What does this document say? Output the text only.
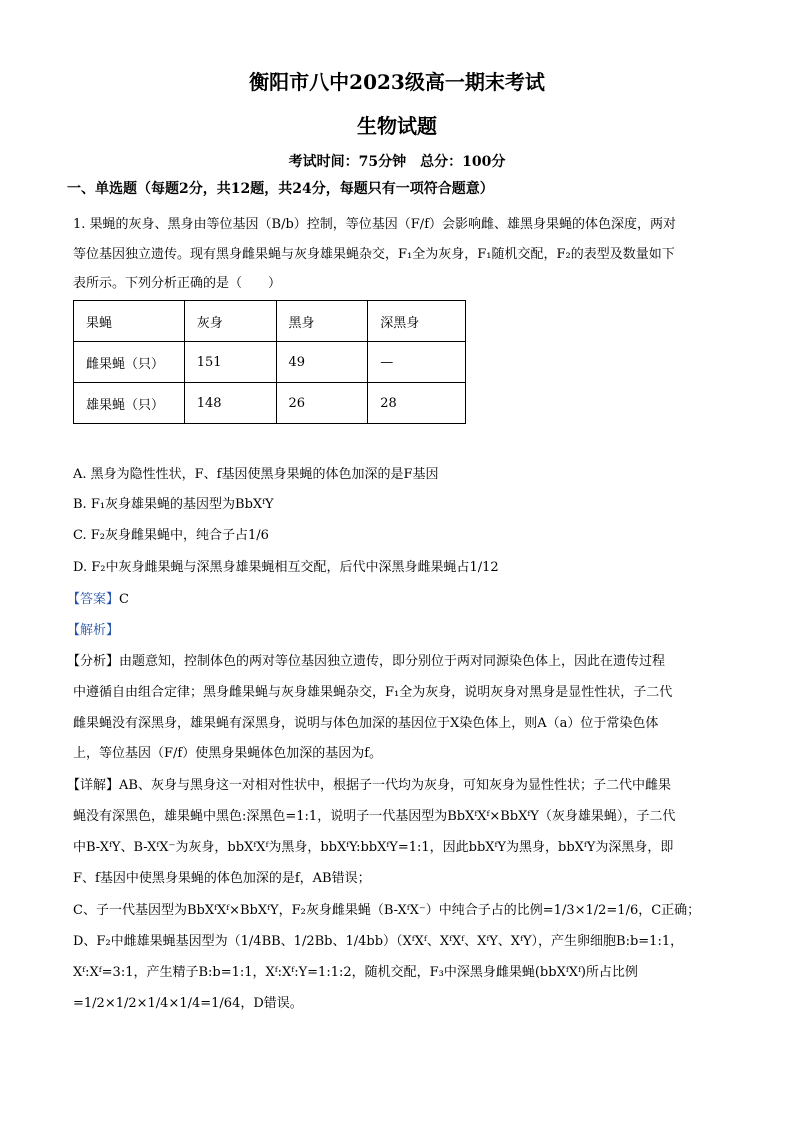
衡阳市八中2023级高一期末考试
生物试题
考试时间：75分钟　总分：100分
一、单选题（每题2分，共12题，共24分，每题只有一项符合题意）
1. 果蝇的灰身、黑身由等位基因（B/b）控制，等位基因（F/f）会影响雌、雄黑身果蝇的体色深度，两对
等位基因独立遗传。现有黑身雌果蝇与灰身雄果蝇杂交，F₁全为灰身，F₁随机交配，F₂的表型及数量如下
表所示。下列分析正确的是（　　）
果蝇	灰身	黑身	深黑身
雌果蝇（只）	151	49	—
雄果蝇（只）	148	26	28
A. 黑身为隐性性状，F、f基因使黑身果蝇的体色加深的是F基因
B. F₁灰身雄果蝇的基因型为BbXᶠY
C. F₂灰身雌果蝇中，纯合子占1/6
D. F₂中灰身雌果蝇与深黑身雄果蝇相互交配，后代中深黑身雌果蝇占1/12
【答案】C
【解析】
【分析】由题意知，控制体色的两对等位基因独立遗传，即分别位于两对同源染色体上，因此在遗传过程
中遵循自由组合定律；黑身雌果蝇与灰身雄果蝇杂交，F₁全为灰身，说明灰身对黑身是显性性状，子二代
雌果蝇没有深黑身，雄果蝇有深黑身，说明与体色加深的基因位于X染色体上，则A（a）位于常染色体
上，等位基因（F/f）使黑身果蝇体色加深的基因为f。
【详解】AB、灰身与黑身这一对相对性状中，根据子一代均为灰身，可知灰身为显性性状；子二代中雌果
蝇没有深黑色，雄果蝇中黑色:深黑色=1:1，说明子一代基因型为BbXᶠXᶠ×BbXᶠY（灰身雄果蝇），子二代
中B-XᶠY、B-XᶠX⁻为灰身，bbXᶠXᶠ为黑身，bbXᶠY:bbXᶠY=1:1，因此bbXᶠY为黑身，bbXᶠY为深黑身，即
F、f基因中使黑身果蝇的体色加深的是f，AB错误；
C、子一代基因型为BbXᶠXᶠ×BbXᶠY，F₂灰身雌果蝇（B-XᶠX⁻）中纯合子占的比例=1/3×1/2=1/6，C正确；
D、F₂中雌雄果蝇基因型为（1/4BB、1/2Bb、1/4bb）（XᶠXᶠ、XᶠXᶠ、XᶠY、XᶠY），产生卵细胞B:b=1:1，
Xᶠ:Xᶠ=3:1，产生精子B:b=1:1，Xᶠ:Xᶠ:Y=1:1:2，随机交配，F₃中深黑身雌果蝇(bbXᶠXᶠ)所占比例
=1/2×1/2×1/4×1/4=1/64，D错误。
